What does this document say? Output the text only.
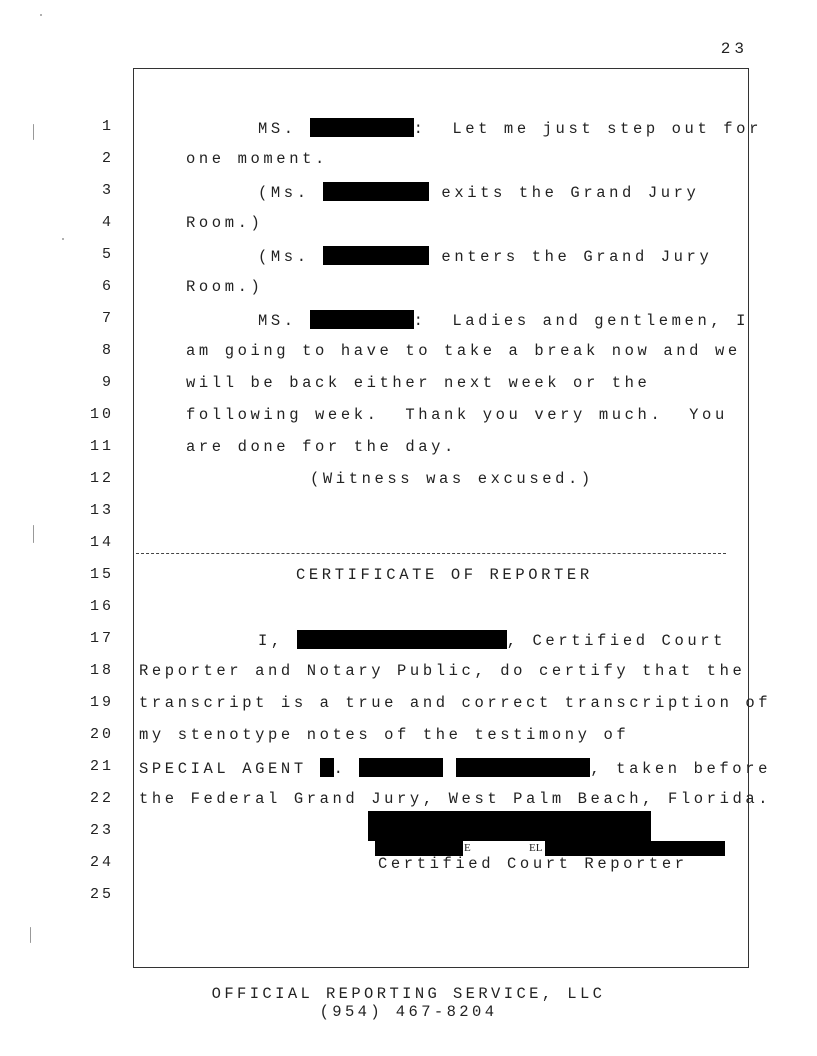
23
1
2
3
4
5
6
7
8
9
10
11
12
13
14
15
16
17
18
19
20
21
22
23
24
25
MS.	:  Let me just step out for
one moment.
(Ms.	exits the Grand Jury
Room.)
(Ms.	enters the Grand Jury
Room.)
MS.	:  Ladies and gentlemen, I
am going to have to take a break now and we
will be back either next week or the
following week.  Thank you very much.  You
are done for the day.
(Witness was excused.)
CERTIFICATE OF REPORTER
I,	, Certified Court
Reporter and Notary Public, do certify that the
transcript is a true and correct transcription of
my stenotype notes of the testimony of
SPECIAL AGENT .	, taken before
the Federal Grand Jury, West Palm Beach, Florida.
E	EL
Certified Court Reporter
OFFICIAL REPORTING SERVICE, LLC
(954) 467-8204
